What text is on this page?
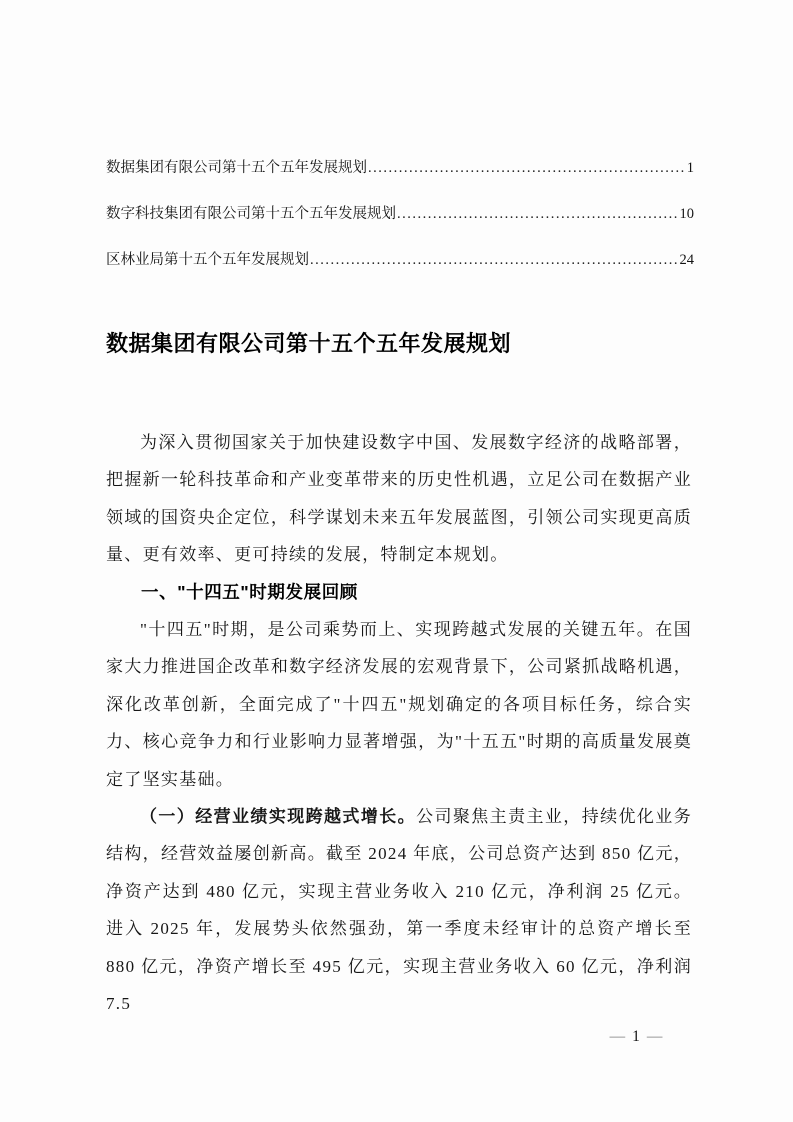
数据集团有限公司第十五个五年发展规划 .....	1
数字科技集团有限公司第十五个五年发展规划 .....	10
区林业局第十五个五年发展规划 .....	24
数据集团有限公司第十五个五年发展规划

为深入贯彻国家关于加快建设数字中国、发展数字经济的战略部署，把握新一轮科技革命和产业变革带来的历史性机遇，立足公司在数据产业领域的国资央企定位，科学谋划未来五年发展蓝图，引领公司实现更高质量、更有效率、更可持续的发展，特制定本规划。

一、"十四五"时期发展回顾

"十四五"时期，是公司乘势而上、实现跨越式发展的关键五年。在国家大力推进国企改革和数字经济发展的宏观背景下，公司紧抓战略机遇，深化改革创新，全面完成了"十四五"规划确定的各项目标任务，综合实力、核心竞争力和行业影响力显著增强，为"十五五"时期的高质量发展奠定了坚实基础。

（一）经营业绩实现跨越式增长。公司聚焦主责主业，持续优化业务结构，经营效益屡创新高。截至 2024 年底，公司总资产达到 850 亿元，净资产达到 480 亿元，实现主营业务收入 210 亿元，净利润 25 亿元。进入 2025 年，发展势头依然强劲，第一季度未经审计的总资产增长至 880 亿元，净资产增长至 495 亿元，实现主营业务收入 60 亿元，净利润 7.5

— 1 —
